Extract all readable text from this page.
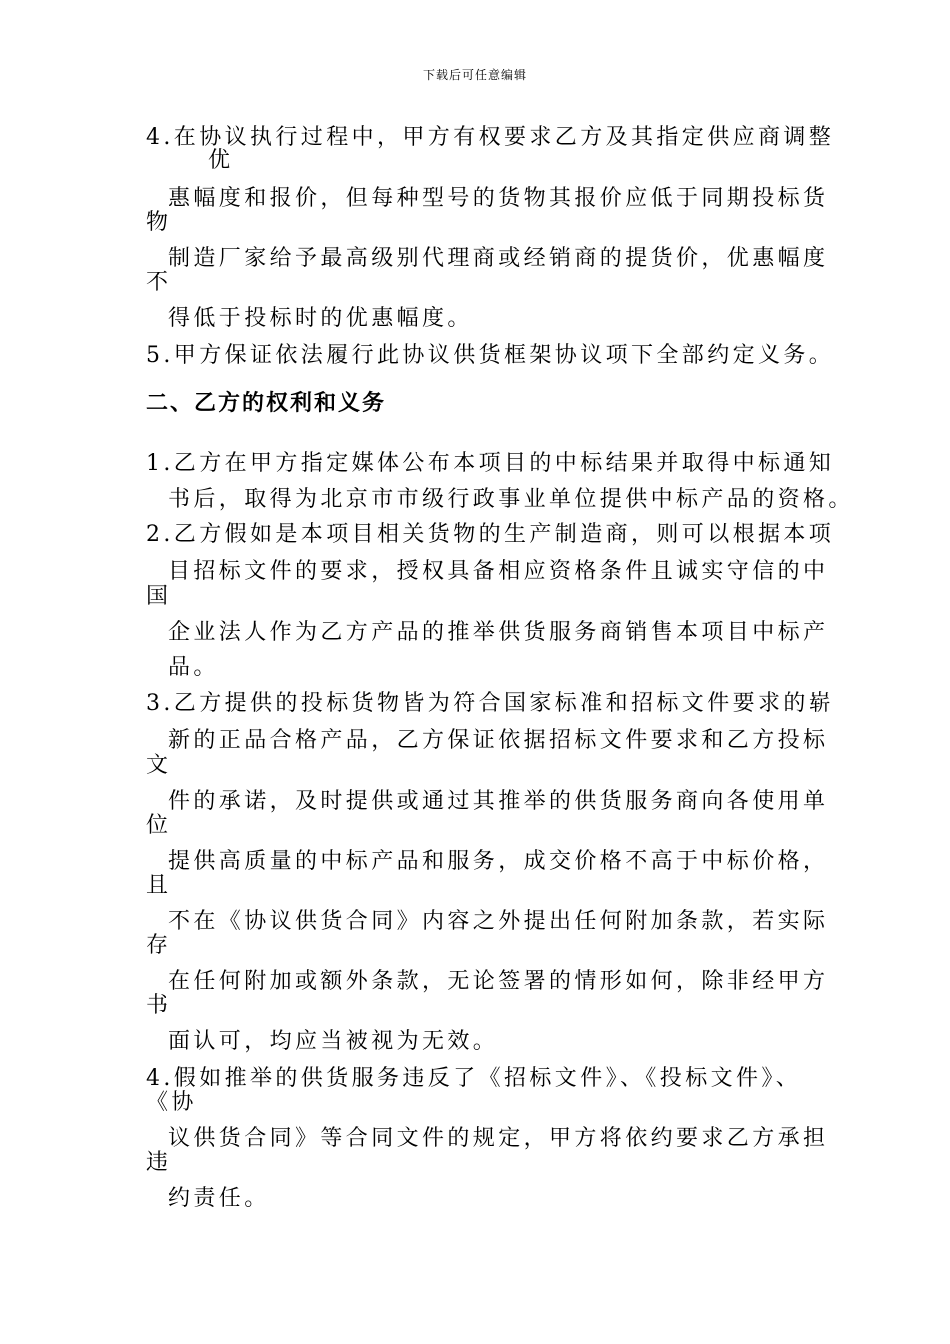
下载后可任意编辑
4.在协议执行过程中，甲方有权要求乙方及其指定供应商调整
优
惠幅度和报价，但每种型号的货物其报价应低于同期投标货
物
制造厂家给予最高级别代理商或经销商的提货价，优惠幅度
不
得低于投标时的优惠幅度。
5.甲方保证依法履行此协议供货框架协议项下全部约定义务。
二、乙方的权利和义务
1.乙方在甲方指定媒体公布本项目的中标结果并取得中标通知
书后，取得为北京市市级行政事业单位提供中标产品的资格。
2.乙方假如是本项目相关货物的生产制造商，则可以根据本项
目招标文件的要求，授权具备相应资格条件且诚实守信的中
国
企业法人作为乙方产品的推举供货服务商销售本项目中标产
品。
3.乙方提供的投标货物皆为符合国家标准和招标文件要求的崭
新的正品合格产品，乙方保证依据招标文件要求和乙方投标
文
件的承诺，及时提供或通过其推举的供货服务商向各使用单
位
提供高质量的中标产品和服务，成交价格不高于中标价格，
且
不在《协议供货合同》内容之外提出任何附加条款，若实际
存
在任何附加或额外条款，无论签署的情形如何，除非经甲方
书
面认可，均应当被视为无效。
4.假如推举的供货服务违反了《招标文件》、《投标文件》、
《协
议供货合同》等合同文件的规定，甲方将依约要求乙方承担
违
约责任。
